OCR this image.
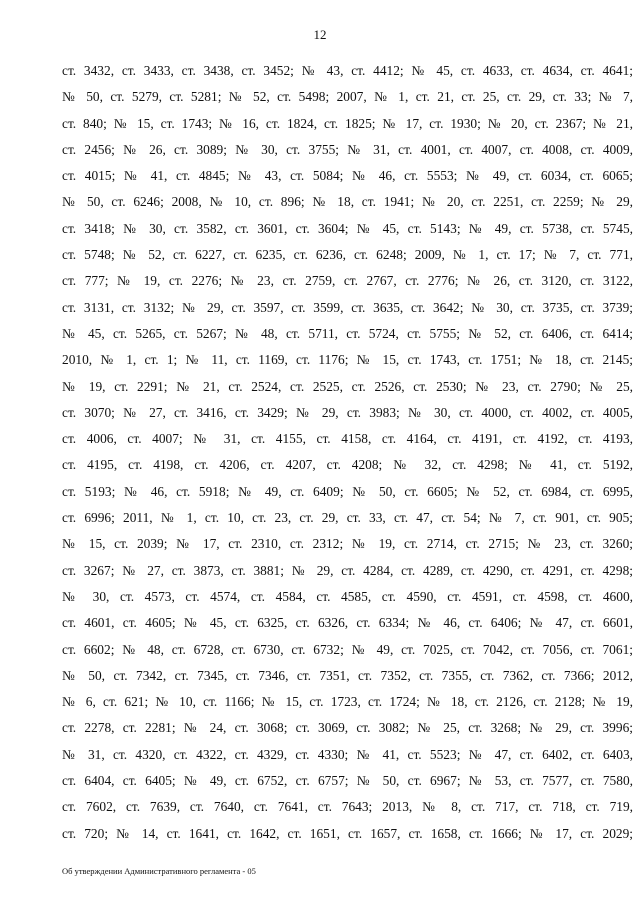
12
ст. 3432, ст. 3433, ст. 3438, ст. 3452; № 43, ст. 4412; № 45, ст. 4633, ст. 4634, ст. 4641;
№ 50, ст. 5279, ст. 5281; № 52, ст. 5498; 2007, № 1, ст. 21, ст. 25, ст. 29, ст. 33; № 7,
ст. 840; № 15, ст. 1743; № 16, ст. 1824, ст. 1825; № 17, ст. 1930; № 20, ст. 2367; № 21,
ст. 2456; № 26, ст. 3089; № 30, ст. 3755; № 31, ст. 4001, ст. 4007, ст. 4008, ст. 4009,
ст. 4015; № 41, ст. 4845; № 43, ст. 5084; № 46, ст. 5553; № 49, ст. 6034, ст. 6065;
№ 50, ст. 6246; 2008, № 10, ст. 896; № 18, ст. 1941; № 20, ст. 2251, ст. 2259; № 29,
ст. 3418; № 30, ст. 3582, ст. 3601, ст. 3604; № 45, ст. 5143; № 49, ст. 5738, ст. 5745,
ст. 5748; № 52, ст. 6227, ст. 6235, ст. 6236, ст. 6248; 2009, № 1, ст. 17; № 7, ст. 771,
ст. 777; № 19, ст. 2276; № 23, ст. 2759, ст. 2767, ст. 2776; № 26, ст. 3120, ст. 3122,
ст. 3131, ст. 3132; № 29, ст. 3597, ст. 3599, ст. 3635, ст. 3642; № 30, ст. 3735, ст. 3739;
№ 45, ст. 5265, ст. 5267; № 48, ст. 5711, ст. 5724, ст. 5755; № 52, ст. 6406, ст. 6414;
2010, № 1, ст. 1; № 11, ст. 1169, ст. 1176; № 15, ст. 1743, ст. 1751; № 18, ст. 2145;
№ 19, ст. 2291; № 21, ст. 2524, ст. 2525, ст. 2526, ст. 2530; № 23, ст. 2790; № 25,
ст. 3070; № 27, ст. 3416, ст. 3429; № 29, ст. 3983; № 30, ст. 4000, ст. 4002, ст. 4005,
ст. 4006, ст. 4007; № 31, ст. 4155, ст. 4158, ст. 4164, ст. 4191, ст. 4192, ст. 4193,
ст. 4195, ст. 4198, ст. 4206, ст. 4207, ст. 4208; № 32, ст. 4298; № 41, ст. 5192,
ст. 5193; № 46, ст. 5918; № 49, ст. 6409; № 50, ст. 6605; № 52, ст. 6984, ст. 6995,
ст. 6996; 2011, № 1, ст. 10, ст. 23, ст. 29, ст. 33, ст. 47, ст. 54; № 7, ст. 901, ст. 905;
№ 15, ст. 2039; № 17, ст. 2310, ст. 2312; № 19, ст. 2714, ст. 2715; № 23, ст. 3260;
ст. 3267; № 27, ст. 3873, ст. 3881; № 29, ст. 4284, ст. 4289, ст. 4290, ст. 4291, ст. 4298;
№ 30, ст. 4573, ст. 4574, ст. 4584, ст. 4585, ст. 4590, ст. 4591, ст. 4598, ст. 4600,
ст. 4601, ст. 4605; № 45, ст. 6325, ст. 6326, ст. 6334; № 46, ст. 6406; № 47, ст. 6601,
ст. 6602; № 48, ст. 6728, ст. 6730, ст. 6732; № 49, ст. 7025, ст. 7042, ст. 7056, ст. 7061;
№ 50, ст. 7342, ст. 7345, ст. 7346, ст. 7351, ст. 7352, ст. 7355, ст. 7362, ст. 7366; 2012,
№ 6, ст. 621; № 10, ст. 1166; № 15, ст. 1723, ст. 1724; № 18, ст. 2126, ст. 2128; № 19,
ст. 2278, ст. 2281; № 24, ст. 3068; ст. 3069, ст. 3082; № 25, ст. 3268; № 29, ст. 3996;
№ 31, ст. 4320, ст. 4322, ст. 4329, ст. 4330; № 41, ст. 5523; № 47, ст. 6402, ст. 6403,
ст. 6404, ст. 6405; № 49, ст. 6752, ст. 6757; № 50, ст. 6967; № 53, ст. 7577, ст. 7580,
ст. 7602, ст. 7639, ст. 7640, ст. 7641, ст. 7643; 2013, № 8, ст. 717, ст. 718, ст. 719,
ст. 720; № 14, ст. 1641, ст. 1642, ст. 1651, ст. 1657, ст. 1658, ст. 1666; № 17, ст. 2029;
Об утверждении Административного регламента - 05
